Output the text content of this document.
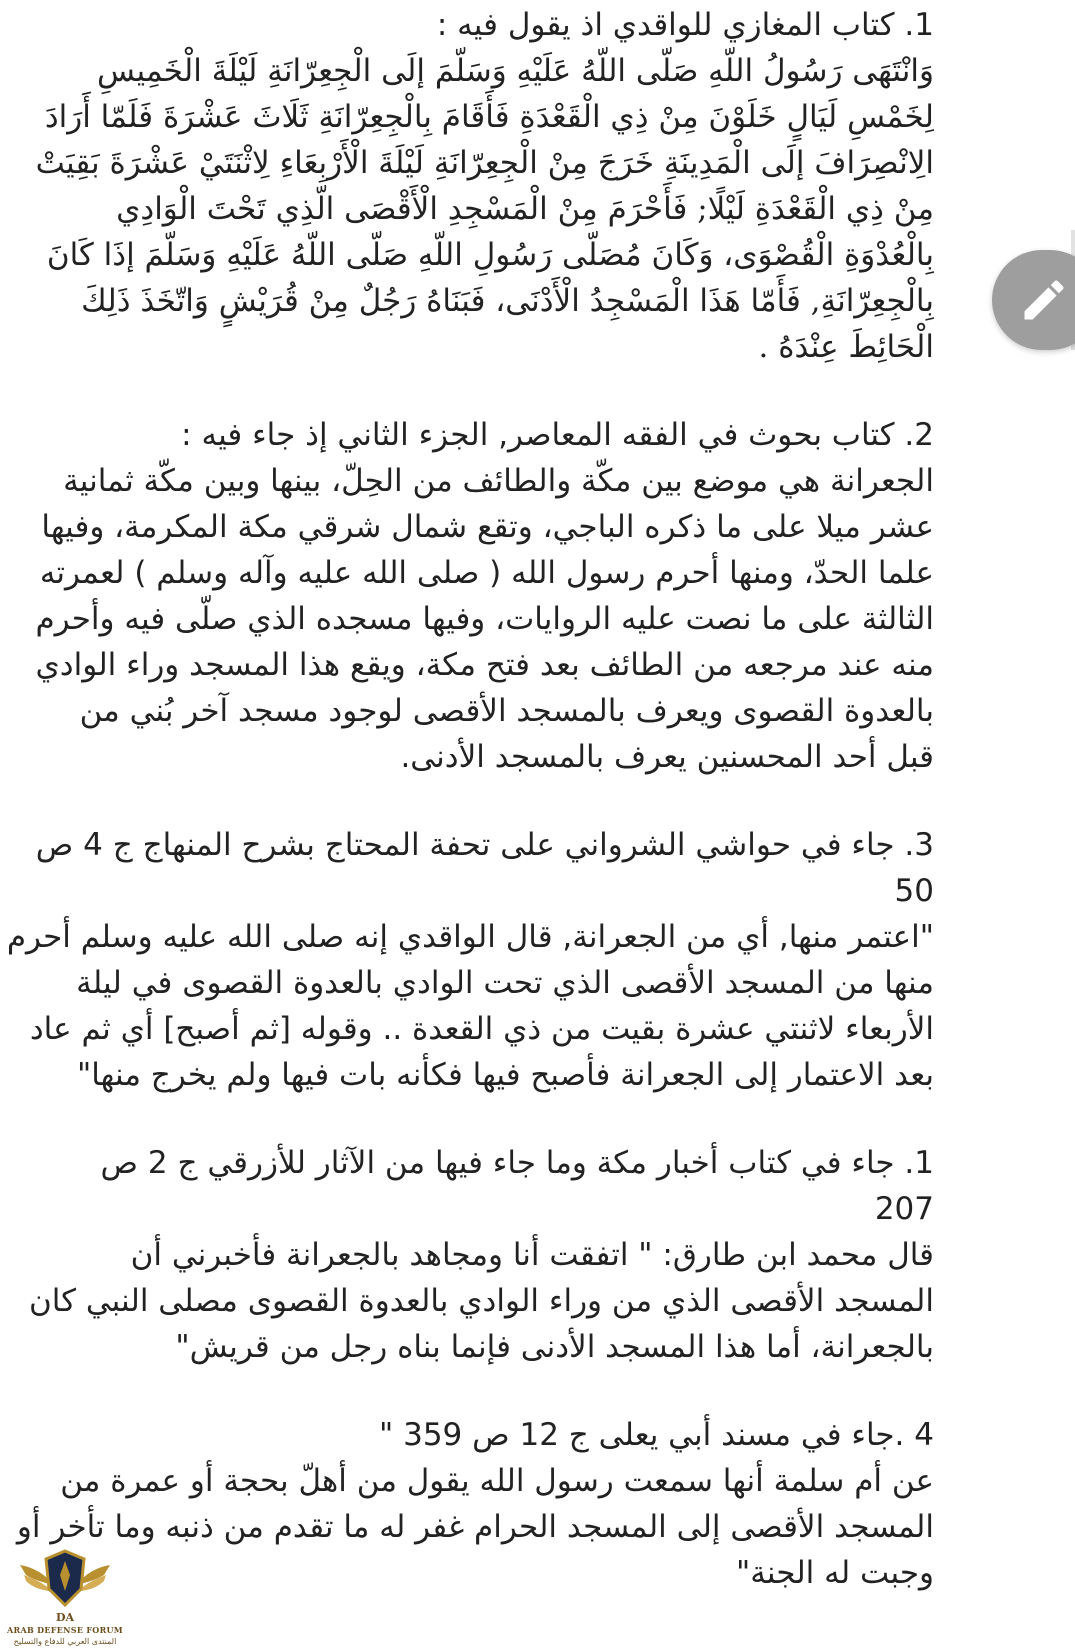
1. كتاب المغازي للواقدي اذ يقول فيه :

وَانْتَهَى رَسُولُ اللّهِ صَلّى اللّهُ عَلَيْهِ وَسَلّمَ إلَى الْجِعِرّانَةِ لَيْلَةَ الْخَمِيسِ
لِخَمْسِ لَيَالٍ خَلَوْنَ مِنْ ذِي الْقَعْدَةِ فَأَقَامَ بِالْجِعِرّانَةِ ثَلَاثَ عَشْرَةَ فَلَمّا أَرَادَ
الِانْصِرَافَ إلَى الْمَدِينَةِ خَرَجَ مِنْ الْجِعِرّانَةِ لَيْلَةَ الْأَرْبِعَاءِ لِاثْنَتَيْ عَشْرَةَ بَقِيَتْ
مِنْ ذِي الْقَعْدَةِ لَيْلًا; فَأَحْرَمَ مِنْ الْمَسْجِدِ الْأَقْصَى الّذِي تَحْتَ الْوَادِي
بِالْعُدْوَةِ الْقُصْوَى، وَكَانَ مُصَلّى رَسُولِ اللّهِ صَلّى اللّهُ عَلَيْهِ وَسَلّمَ إذَا كَانَ
بِالْجِعِرّانَةِ, فَأَمّا هَذَا الْمَسْجِدُ الْأَدْنَى، فَبَنَاهُ رَجُلٌ مِنْ قُرَيْشٍ وَاتّخَذَ ذَلِكَ
الْحَائِطَ عِنْدَهُ .

2. كتاب بحوث في الفقه المعاصر, الجزء الثاني إذ جاء فيه :

الجعرانة هي موضع بين مكّة والطائف من الحِلّ، بينها وبين مكّة ثمانية
عشر ميلا على ما ذكره الباجي، وتقع شمال شرقي مكة المكرمة، وفيها
علما الحدّ، ومنها أحرم رسول الله ( صلى الله عليه وآله وسلم ) لعمرته
الثالثة على ما نصت عليه الروايات، وفيها مسجده الذي صلّى فيه وأحرم
منه عند مرجعه من الطائف بعد فتح مكة، ويقع هذا المسجد وراء الوادي
بالعدوة القصوى ويعرف بالمسجد الأقصى لوجود مسجد آخر بُني من
قبل أحد المحسنين يعرف بالمسجد الأدنى.

3. جاء في حواشي الشرواني على تحفة المحتاج بشرح المنهاج ج 4 ص
50

"اعتمر منها, أي من الجعرانة, قال الواقدي إنه صلى الله عليه وسلم أحرم
منها من المسجد الأقصى الذي تحت الوادي بالعدوة القصوى في ليلة
الأربعاء لاثنتي عشرة بقيت من ذي القعدة .. وقوله [ثم أصبح] أي ثم عاد
بعد الاعتمار إلى الجعرانة فأصبح فيها فكأنه بات فيها ولم يخرج منها"

1. جاء في كتاب أخبار مكة وما جاء فيها من الآثار للأزرقي ج 2 ص
207

قال محمد ابن طارق: " اتفقت أنا ومجاهد بالجعرانة فأخبرني أن
المسجد الأقصى الذي من وراء الوادي بالعدوة القصوى مصلى النبي كان
بالجعرانة، أما هذا المسجد الأدنى فإنما بناه رجل من قريش"

4 .جاء في مسند أبي يعلى ج 12 ص 359 "

عن أم سلمة أنها سمعت رسول الله يقول من أهلّ بحجة أو عمرة من
المسجد الأقصى إلى المسجد الحرام غفر له ما تقدم من ذنبه وما تأخر أو
وجبت له الجنة"

DA
ARAB DEFENSE FORUM
المنتدى العربي للدفاع والتسليح
